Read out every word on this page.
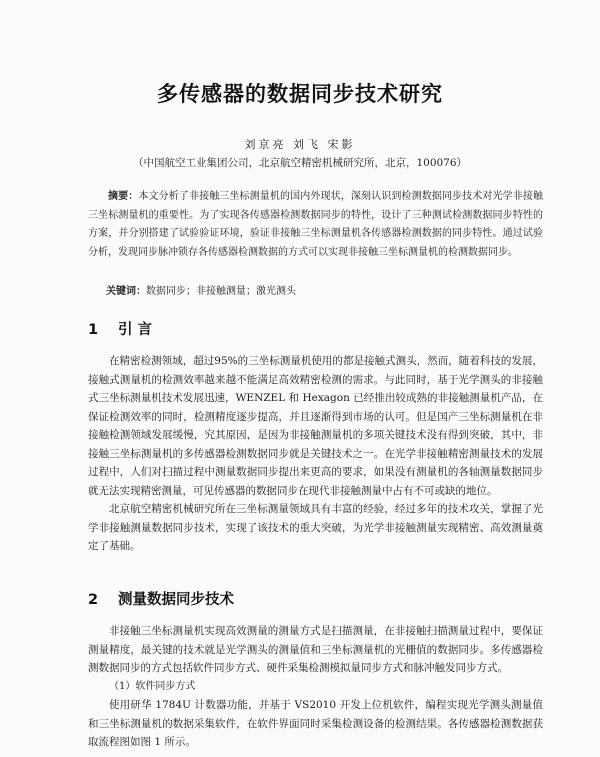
多传感器的数据同步技术研究
刘京亮 刘飞 宋影
（中国航空工业集团公司，北京航空精密机械研究所，北京，100076）
摘要：本文分析了非接触三坐标测量机的国内外现状，深刻认识到检测数据同步技术对光学非接触三坐标测量机的重要性。为了实现各传感器检测数据同步的特性，设计了三种测试检测数据同步特性的方案，并分别搭建了试验验证环境，验证非接触三坐标测量机各传感器检测数据的同步特性。通过试验分析，发现同步脉冲锁存各传感器检测数据的方式可以实现非接触三坐标测量机的检测数据同步。
关键词：数据同步；非接触测量；激光测头
1 引 言

在精密检测领域，超过95%的三坐标测量机使用的都是接触式测头，然而，随着科技的发展，接触式测量机的检测效率越来越不能满足高效精密检测的需求。与此同时，基于光学测头的非接触式三坐标测量机技术发展迅速，WENZEL 和 Hexagon 已经推出较成熟的非接触测量机产品，在保证检测效率的同时，检测精度逐步提高，并且逐渐得到市场的认可。但是国产三坐标测量机在非接触检测领域发展缓慢，究其原因，是因为非接触测量机的多项关键技术没有得到突破，其中，非接触三坐标测量机的多传感器检测数据同步就是关键技术之一。在光学非接触精密测量技术的发展过程中，人们对扫描过程中测量数据同步提出来更高的要求，如果没有测量机的各轴测量数据同步就无法实现精密测量，可见传感器的数据同步在现代非接触测量中占有不可或缺的地位。

北京航空精密机械研究所在三坐标测量领域具有丰富的经验，经过多年的技术攻关，掌握了光学非接触测量数据同步技术，实现了该技术的重大突破，为光学非接触测量实现精密、高效测量奠定了基础。

2 测量数据同步技术

非接触三坐标测量机实现高效测量的测量方式是扫描测量，在非接触扫描测量过程中，要保证测量精度，最关键的技术就是光学测头的测量值和三坐标测量机的光栅值的数据同步。多传感器检测数据同步的方式包括软件同步方式、硬件采集检测模拟量同步方式和脉冲触发同步方式。

（1）软件同步方式

使用研华 1784U 计数器功能，并基于 VS2010 开发上位机软件，编程实现光学测头测量值和三坐标测量机的数据采集软件，在软件界面同时采集检测设备的检测结果。各传感器检测数据获取流程图如图 1 所示。
